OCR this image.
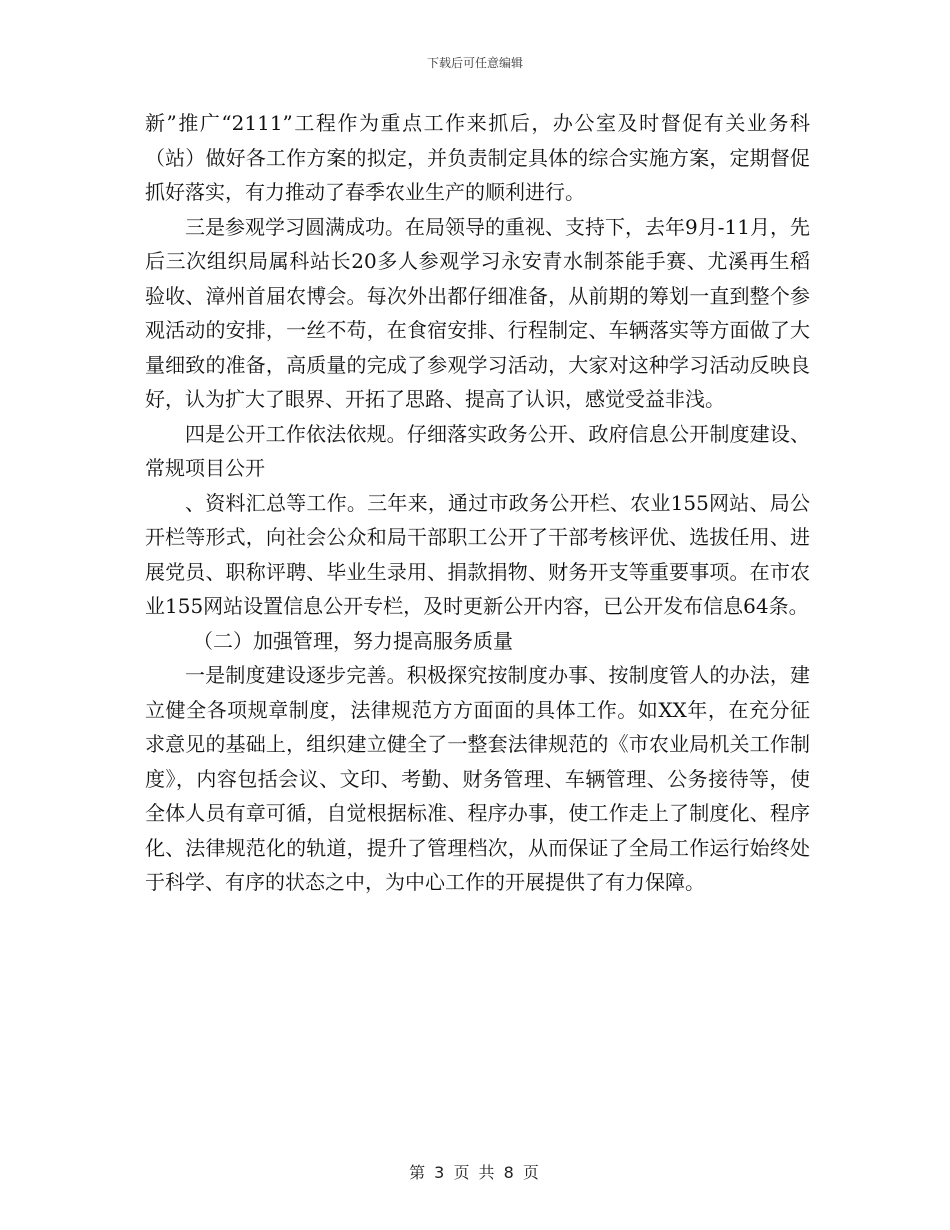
下载后可任意编辑

新”推广“2111”工程作为重点工作来抓后，办公室及时督促有关业务科（站）做好各工作方案的拟定，并负责制定具体的综合实施方案，定期督促抓好落实，有力推动了春季农业生产的顺利进行。

三是参观学习圆满成功。在局领导的重视、支持下，去年9月-11月，先后三次组织局属科站长20多人参观学习永安青水制茶能手赛、尤溪再生稻验收、漳州首届农博会。每次外出都仔细准备，从前期的筹划一直到整个参观活动的安排，一丝不苟，在食宿安排、行程制定、车辆落实等方面做了大量细致的准备，高质量的完成了参观学习活动，大家对这种学习活动反映良好，认为扩大了眼界、开拓了思路、提高了认识，感觉受益非浅。

四是公开工作依法依规。仔细落实政务公开、政府信息公开制度建设、常规项目公开

、资料汇总等工作。三年来，通过市政务公开栏、农业155网站、局公开栏等形式，向社会公众和局干部职工公开了干部考核评优、选拔任用、进展党员、职称评聘、毕业生录用、捐款捐物、财务开支等重要事项。在市农业155网站设置信息公开专栏，及时更新公开内容，已公开发布信息64条。

（二）加强管理，努力提高服务质量

一是制度建设逐步完善。积极探究按制度办事、按制度管人的办法，建立健全各项规章制度，法律规范方方面面的具体工作。如XX年，在充分征求意见的基础上，组织建立健全了一整套法律规范的《市农业局机关工作制度》，内容包括会议、文印、考勤、财务管理、车辆管理、公务接待等，使全体人员有章可循，自觉根据标准、程序办事，使工作走上了制度化、程序化、法律规范化的轨道，提升了管理档次，从而保证了全局工作运行始终处于科学、有序的状态之中，为中心工作的开展提供了有力保障。

第 3 页 共 8 页
